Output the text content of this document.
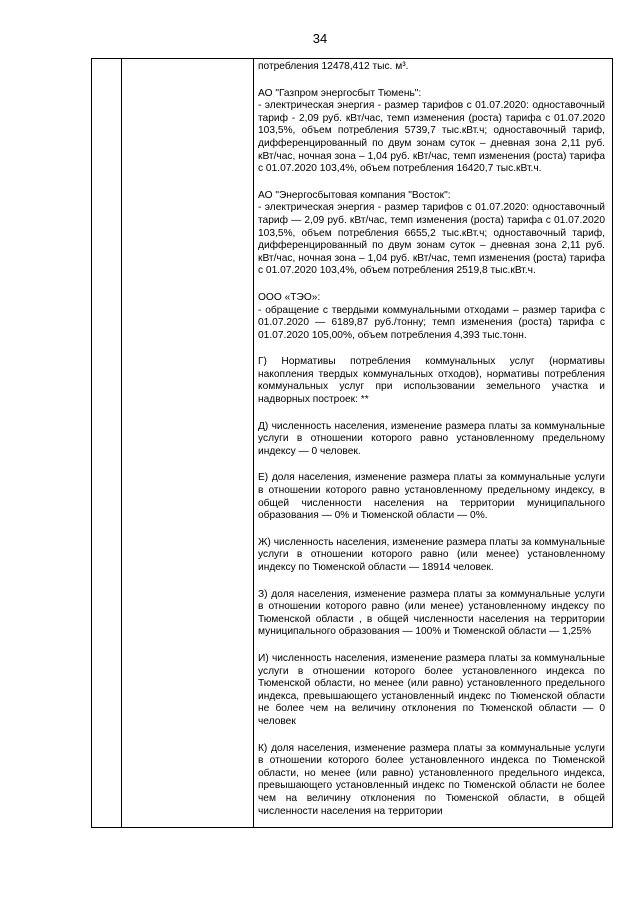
34

потребления 12478,412 тыс. м³.

АО "Газпром энергосбыт Тюмень":

- электрическая энергия - размер тарифов с 01.07.2020: одноставочный тариф - 2,09 руб. кВт/час, темп изменения (роста) тарифа с 01.07.2020 103,5%, объем потребления 5739,7 тыс.кВт.ч; одноставочный тариф, дифференцированный по двум зонам суток – дневная зона 2,11 руб. кВт/час, ночная зона – 1,04 руб. кВт/час, темп изменения (роста) тарифа с 01.07.2020 103,4%, объем потребления 16420,7 тыс.кВт.ч.

АО "Энергосбытовая компания "Восток":

- электрическая энергия - размер тарифов с 01.07.2020: одноставочный тариф — 2,09 руб. кВт/час, темп изменения (роста) тарифа с 01.07.2020 103,5%, объем потребления 6655,2 тыс.кВт.ч; одноставочный тариф, дифференцированный по двум зонам суток – дневная зона 2,11 руб. кВт/час, ночная зона – 1,04 руб. кВт/час, темп изменения (роста) тарифа с 01.07.2020 103,4%, объем потребления 2519,8 тыс.кВт.ч.

ООО «ТЭО»:

- обращение с твердыми коммунальными отходами – размер тарифа с 01.07.2020 — 6189,87 руб./тонну; темп изменения (роста) тарифа с 01.07.2020 105,00%, объем потребления 4,393 тыс.тонн.

Г) Нормативы потребления коммунальных услуг (нормативы накопления твердых коммунальных отходов), нормативы потребления коммунальных услуг при использовании земельного участка и надворных построек: **

Д) численность населения, изменение размера платы за коммунальные услуги в отношении которого равно установленному предельному индексу — 0 человек.

Е) доля населения, изменение размера платы за коммунальные услуги в отношении которого равно установленному предельному индексу, в общей численности населения на территории муниципального образования — 0% и Тюменской области — 0%.

Ж) численность населения, изменение размера платы за коммунальные услуги в отношении которого равно (или менее) установленному индексу по Тюменской области — 18914 человек.

З) доля населения, изменение размера платы за коммунальные услуги в отношении которого равно (или менее) установленному индексу по Тюменской области , в общей численности населения на территории муниципального образования — 100% и Тюменской области — 1,25%

И) численность населения, изменение размера платы за коммунальные услуги в отношении которого более установленного индекса по Тюменской области, но менее (или равно) установленного предельного индекса, превышающего установленный индекс по Тюменской области не более чем на величину отклонения по Тюменской области — 0 человек

К) доля населения, изменение размера платы за коммунальные услуги в отношении которого более установленного индекса по Тюменской области, но менее (или равно) установленного предельного индекса, превышающего установленный индекс по Тюменской области не более чем на величину отклонения по Тюменской области, в общей численности населения на территории
